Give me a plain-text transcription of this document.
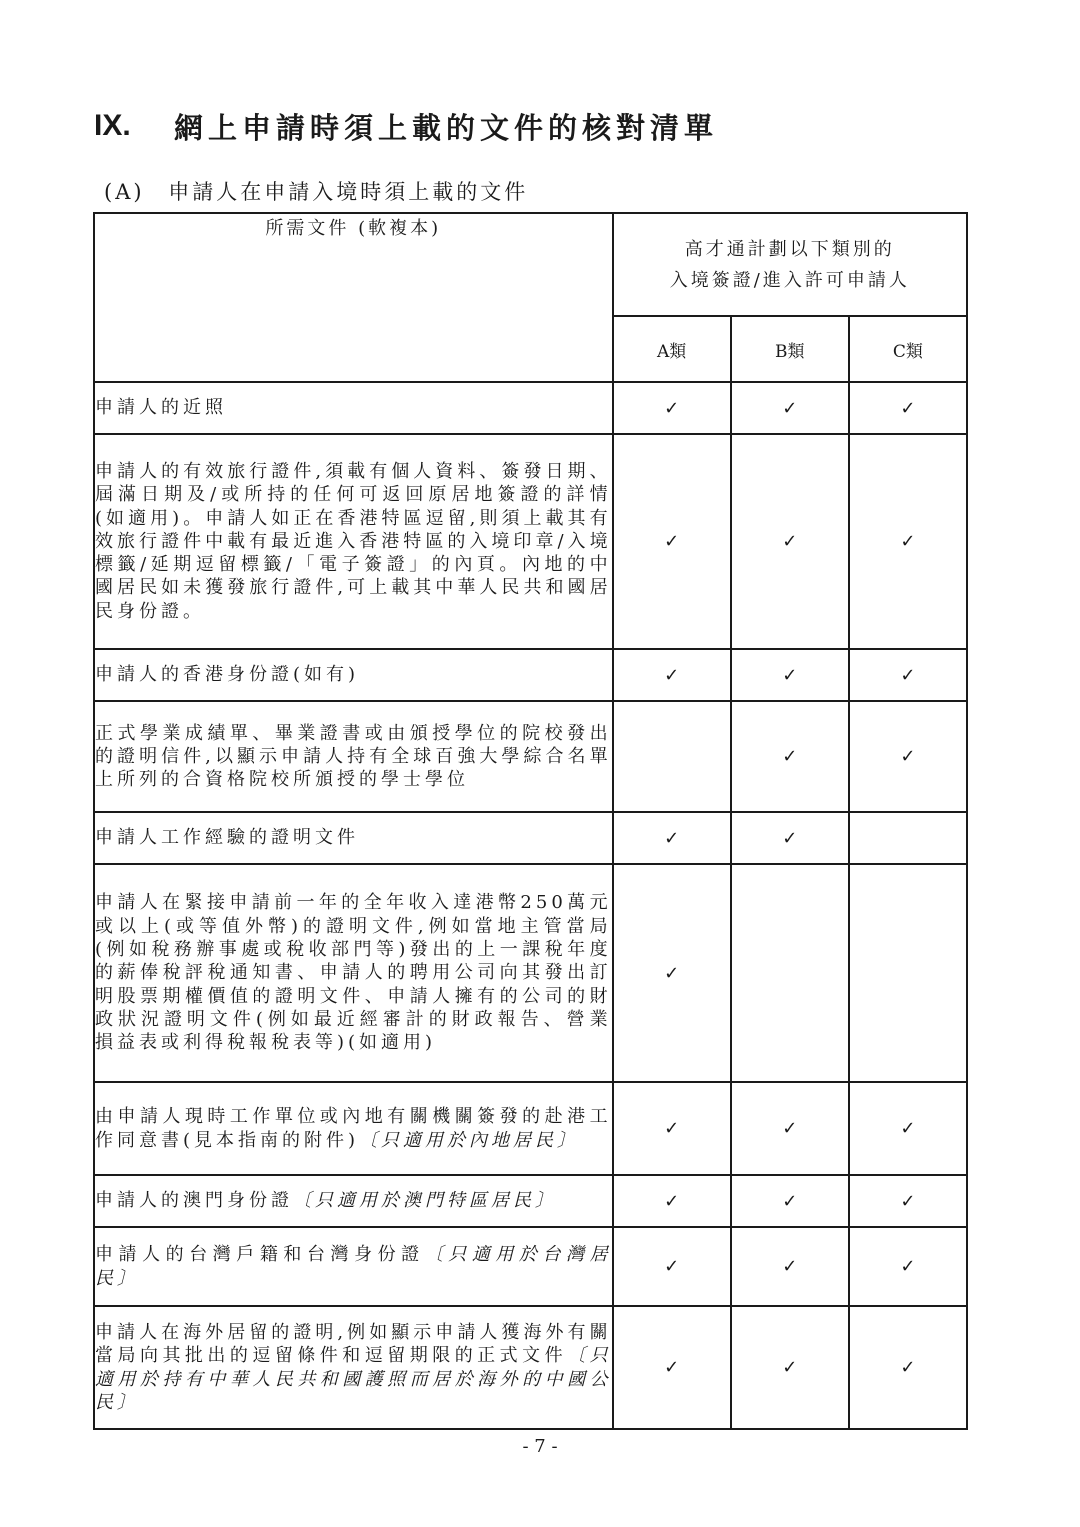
IX.	網上申請時須上載的文件的核對清單
(A) 申請人在申請入境時須上載的文件
所需文件 (軟複本)	高才通計劃以下類別的
入境簽證/進入許可申請人		

	A類	B類	C類
申請人的近照	✓	✓	✓
申請人的有效旅行證件,須載有個人資料、簽發日期、屆滿日期及/或所持的任何可返回原居地簽證的詳情(如適用)。申請人如正在香港特區逗留,則須上載其有效旅行證件中載有最近進入香港特區的入境印章/入境標籤/延期逗留標籤/「電子簽證」的內頁。內地的中國居民如未獲發旅行證件,可上載其中華人民共和國居民身份證。	✓	✓	✓
申請人的香港身份證(如有)	✓	✓	✓
正式學業成績單、畢業證書或由頒授學位的院校發出的證明信件,以顯示申請人持有全球百強大學綜合名單上所列的合資格院校所頒授的學士學位		✓	✓
申請人工作經驗的證明文件	✓	✓	
申請人在緊接申請前一年的全年收入達港幣250萬元或以上(或等值外幣)的證明文件,例如當地主管當局(例如稅務辦事處或稅收部門等)發出的上一課稅年度的薪俸稅評稅通知書、申請人的聘用公司向其發出訂明股票期權價值的證明文件、申請人擁有的公司的財政狀況證明文件(例如最近經審計的財政報告、營業損益表或利得稅報稅表等)(如適用)	✓		
由申請人現時工作單位或內地有關機關簽發的赴港工作同意書(見本指南的附件)〔只適用於內地居民〕	✓	✓	✓
申請人的澳門身份證〔只適用於澳門特區居民〕	✓	✓	✓
申請人的台灣戶籍和台灣身份證〔只適用於台灣居民〕	✓	✓	✓
申請人在海外居留的證明,例如顯示申請人獲海外有關當局向其批出的逗留條件和逗留期限的正式文件〔只適用於持有中華人民共和國護照而居於海外的中國公民〕	✓	✓	✓
- 7 -
